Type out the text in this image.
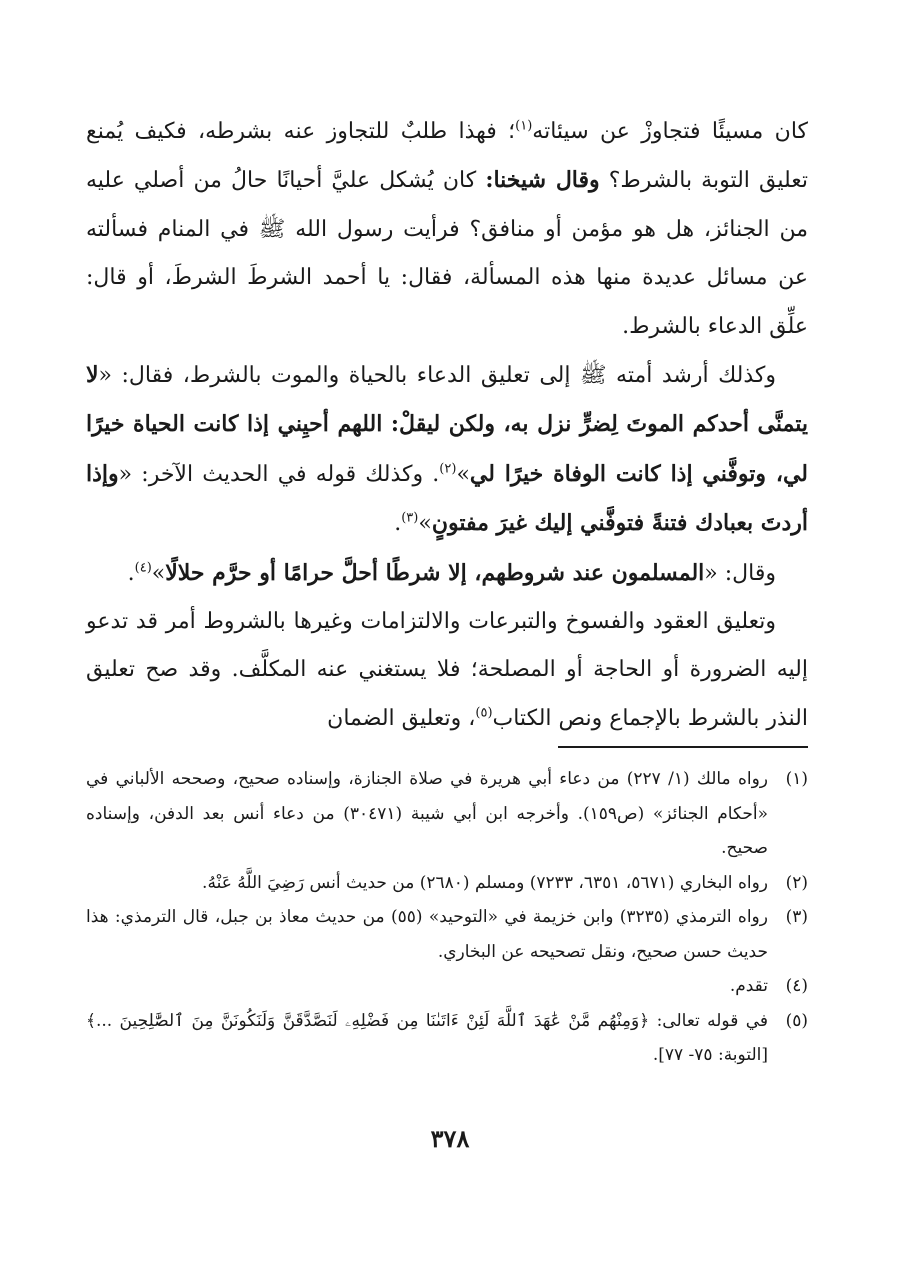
كان مسيئًا فتجاوزْ عن سيئاته$^{(١)}$؛ فهذا طلبٌ للتجاوز عنه بشرطه، فكيف يُمنع تعليق التوبة بالشرط؟ وقال شيخنا: كان يُشكل عليَّ أحيانًا حالُ من أصلي عليه من الجنائز، هل هو مؤمن أو منافق؟ فرأيت رسول الله ﷺ في المنام فسألته عن مسائل عديدة منها هذه المسألة، فقال: يا أحمد الشرطَ الشرطَ، أو قال: علِّق الدعاء بالشرط.

وكذلك أرشد أمته ﷺ إلى تعليق الدعاء بالحياة والموت بالشرط، فقال: «لا يتمنَّى أحدكم الموتَ لِضرٍّ نزل به، ولكن ليقلْ: اللهم أحيِني إذا كانت الحياة خيرًا لي، وتوفَّني إذا كانت الوفاة خيرًا لي»$^{(٢)}$. وكذلك قوله في الحديث الآخر: «وإذا أردتَ بعبادك فتنةً فتوفَّني إليك غيرَ مفتونٍ»$^{(٣)}$.

وقال: «المسلمون عند شروطهم، إلا شرطًا أحلَّ حرامًا أو حرَّم حلالًا»$^{(٤)}$.

وتعليق العقود والفسوخ والتبرعات والالتزامات وغيرها بالشروط أمر قد تدعو إليه الضرورة أو الحاجة أو المصلحة؛ فلا يستغني عنه المكلَّف. وقد صح تعليق النذر بالشرط بالإجماع ونص الكتاب$^{(٥)}$، وتعليق الضمان

(١)
رواه مالك (١/ ٢٢٧) من دعاء أبي هريرة في صلاة الجنازة، وإسناده صحيح، وصححه الألباني في «أحكام الجنائز» (ص١٥٩). وأخرجه ابن أبي شيبة (٣٠٤٧١) من دعاء أنس بعد الدفن، وإسناده صحيح.
(٢)
رواه البخاري (٥٦٧١، ٦٣٥١، ٧٢٣٣) ومسلم (٢٦٨٠) من حديث أنس رَضِيَ اللَّهُ عَنْهُ.
(٣)
رواه الترمذي (٣٢٣٥) وابن خزيمة في «التوحيد» (٥٥) من حديث معاذ بن جبل، قال الترمذي: هذا حديث حسن صحيح، ونقل تصحيحه عن البخاري.
(٤)
تقدم.
(٥)
في قوله تعالى: ﴿وَمِنْهُم مَّنْ عَٰهَدَ ٱللَّهَ لَئِنْ ءَاتَىٰنَا مِن فَضْلِهِۦ لَنَصَّدَّقَنَّ وَلَنَكُونَنَّ مِنَ ٱلصَّٰلِحِينَ ...﴾ [التوبة: ٧٥- ٧٧].
٣٧٨
